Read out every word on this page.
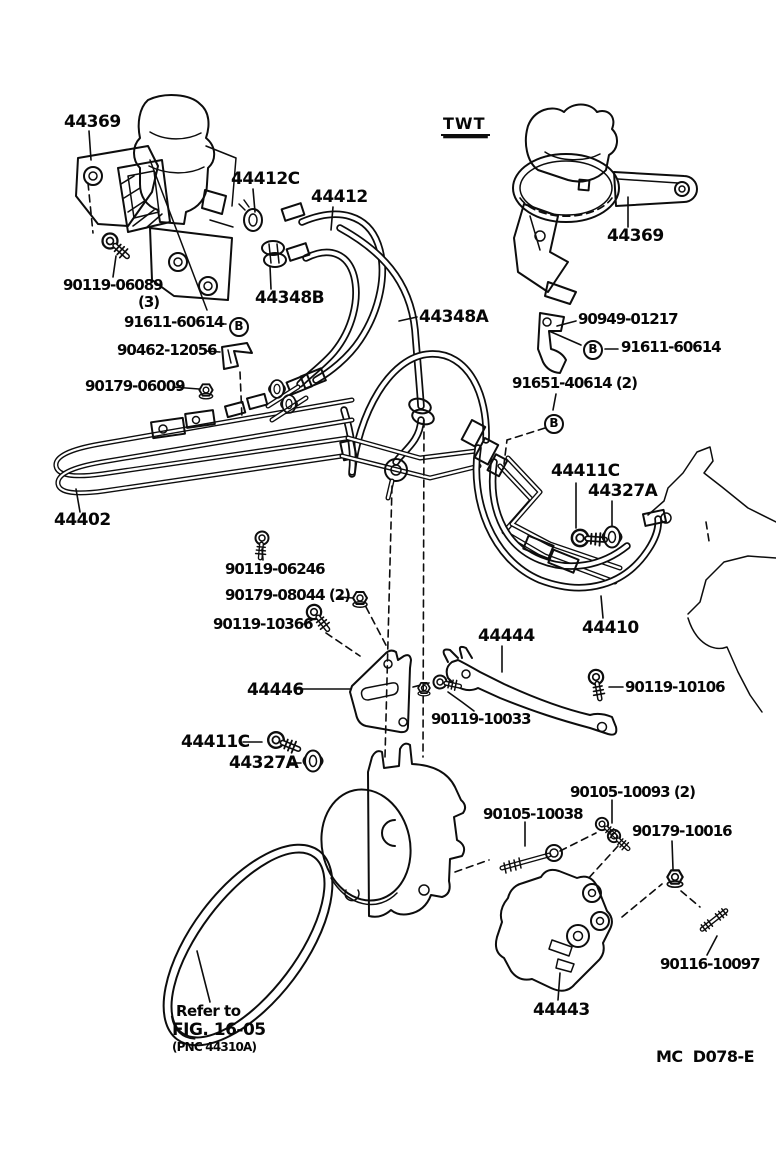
44369
44412C
44412
44369
90119-06089
(3)
91611-60614
44348B
44348A	90949-01217
91611-60614
90462-12056
90179-06009	91651-40614 (2)
44402
44411C
44327A
90119-06246
90179-08044 (2)
90119-10366
44444	44410
44446	90119-10106
90119-10033
44411C
44327A
90105-10093 (2)
90105-10038
90179-10016
90116-10097
44443
B
B
B
TWT
Refer to
FIG. 16-05
(PNC 44310A)	MC  D078-E
